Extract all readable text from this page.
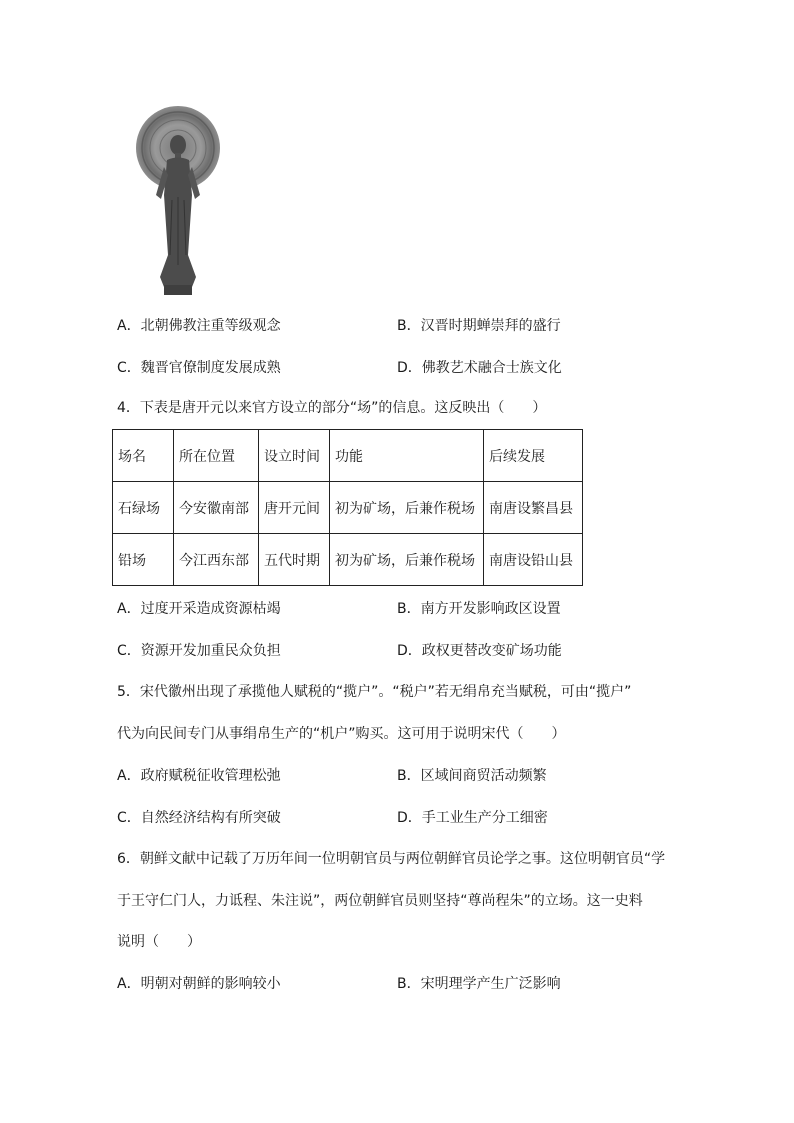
A．北朝佛教注重等级观念	B．汉晋时期蝉崇拜的盛行
C．魏晋官僚制度发展成熟	D．佛教艺术融合士族文化
4．下表是唐开元以来官方设立的部分“场”的信息。这反映出（　　）
场名	所在位置	设立时间	功能	后续发展
石绿场	今安徽南部	唐开元间	初为矿场，后兼作税场	南唐设繁昌县
铅场	今江西东部	五代时期	初为矿场，后兼作税场	南唐设铅山县
A．过度开采造成资源枯竭	B．南方开发影响政区设置
C．资源开发加重民众负担	D．政权更替改变矿场功能
5．宋代徽州出现了承揽他人赋税的“揽户”。“税户”若无绢帛充当赋税，可由“揽户”
代为向民间专门从事绢帛生产的“机户”购买。这可用于说明宋代（　　）
A．政府赋税征收管理松弛	B．区域间商贸活动频繁
C．自然经济结构有所突破	D．手工业生产分工细密
6．朝鲜文献中记载了万历年间一位明朝官员与两位朝鲜官员论学之事。这位明朝官员“学
于王守仁门人，力诋程、朱注说”，两位朝鲜官员则坚持“尊尚程朱”的立场。这一史料
说明（　　）
A．明朝对朝鲜的影响较小	B．宋明理学产生广泛影响
